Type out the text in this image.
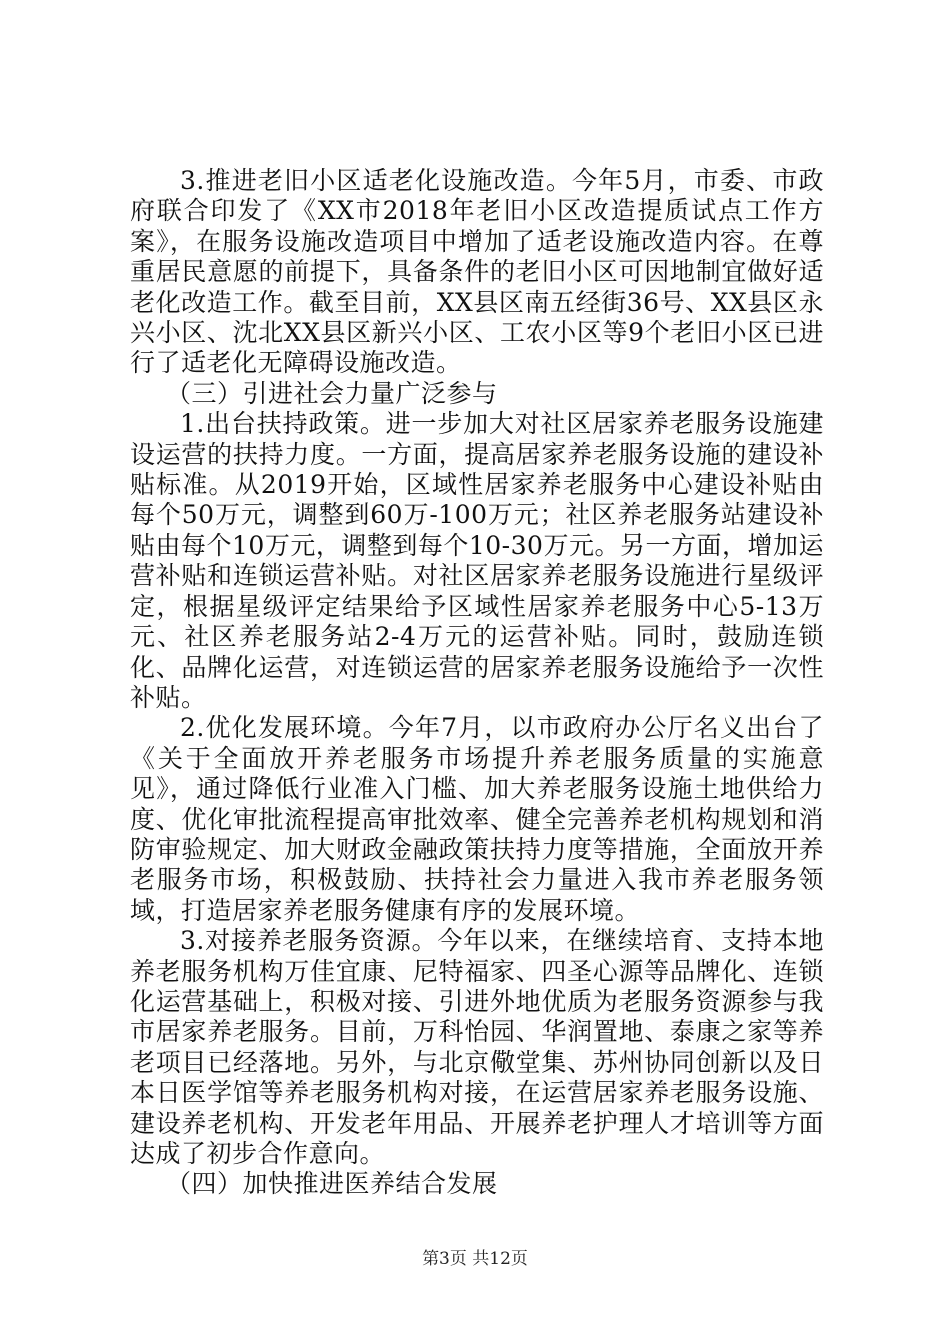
3.推进老旧小区适老化设施改造。今年5月，市委、市政府联合印发了《XX市2018年老旧小区改造提质试点工作方案》，在服务设施改造项目中增加了适老设施改造内容。在尊重居民意愿的前提下，具备条件的老旧小区可因地制宜做好适老化改造工作。截至目前，XX县区南五经街36号、XX县区永兴小区、沈北XX县区新兴小区、工农小区等9个老旧小区已进行了适老化无障碍设施改造。

（三）引进社会力量广泛参与

1.出台扶持政策。进一步加大对社区居家养老服务设施建设运营的扶持力度。一方面，提高居家养老服务设施的建设补贴标准。从2019开始，区域性居家养老服务中心建设补贴由每个50万元，调整到60万-100万元；社区养老服务站建设补贴由每个10万元，调整到每个10-30万元。另一方面，增加运营补贴和连锁运营补贴。对社区居家养老服务设施进行星级评定，根据星级评定结果给予区域性居家养老服务中心5-13万元、社区养老服务站2-4万元的运营补贴。同时，鼓励连锁化、品牌化运营，对连锁运营的居家养老服务设施给予一次性补贴。

2.优化发展环境。今年7月，以市政府办公厅名义出台了《关于全面放开养老服务市场提升养老服务质量的实施意见》，通过降低行业准入门槛、加大养老服务设施土地供给力度、优化审批流程提高审批效率、健全完善养老机构规划和消防审验规定、加大财政金融政策扶持力度等措施，全面放开养老服务市场，积极鼓励、扶持社会力量进入我市养老服务领域，打造居家养老服务健康有序的发展环境。

3.对接养老服务资源。今年以来，在继续培育、支持本地养老服务机构万佳宜康、尼特福家、四圣心源等品牌化、连锁化运营基础上，积极对接、引进外地优质为老服务资源参与我市居家养老服务。目前，万科怡园、华润置地、泰康之家等养老项目已经落地。另外，与北京儆堂集、苏州协同创新以及日本日医学馆等养老服务机构对接，在运营居家养老服务设施、建设养老机构、开发老年用品、开展养老护理人才培训等方面达成了初步合作意向。

（四）加快推进医养结合发展

第3页 共12页
